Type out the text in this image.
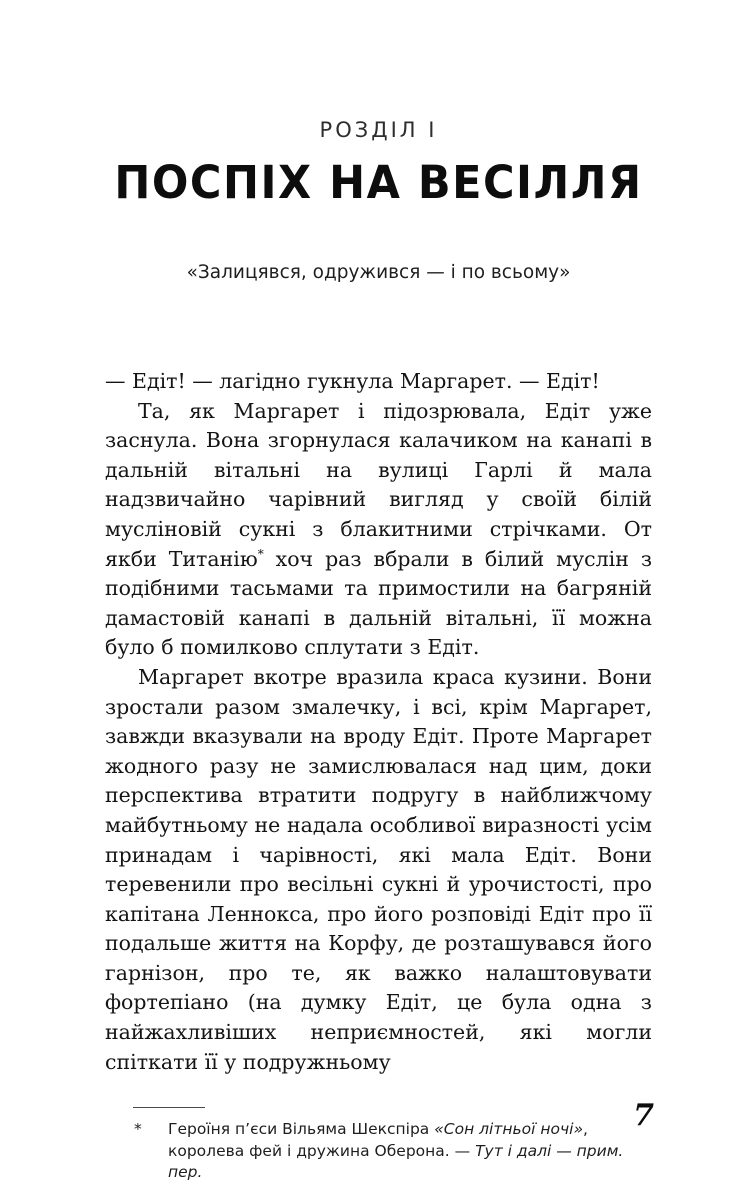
РОЗДІЛ I
ПОСПІХ НА ВЕСІЛЛЯ
«Залицявся, одружився — і по всьому»

— Едіт! — лагідно гукнула Маргарет. — Едіт!

Та, як Маргарет і підозрювала, Едіт уже заснула. Вона згорнулася калачиком на канапі в дальній вітальні на вулиці Гарлі й мала надзвичайно чарівний вигляд у своїй білій мусліновій сукні з блакитними стрічками. От якби Титанію* хоч раз вбрали в білий муслін з подібними тасьмами та примостили на багряній дамастовій канапі в дальній вітальні, її можна було б помилково сплутати з Едіт.

Маргарет вкотре вразила краса кузини. Вони зростали разом змалечку, і всі, крім Маргарет, завжди вказували на вроду Едіт. Проте Маргарет жодного разу не замислювалася над цим, доки перспектива втратити подругу в найближчому майбутньому не надала особливої виразності усім принадам і чарівності, які мала Едіт. Вони теревенили про весільні сукні й урочистості, про капітана Леннокса, про його розповіді Едіт про її подальше життя на Корфу, де розташувався його гарнізон, про те, як важко налаштовувати фортепіано (на думку Едіт, це була одна з найжахливіших неприємностей, які могли спіткати її у подружньому

* Героїня п’єси Вільяма Шекспіра «Сон літньої ночі», королева фей і дружина Оберона. — Тут і далі — прим. пер.
7
